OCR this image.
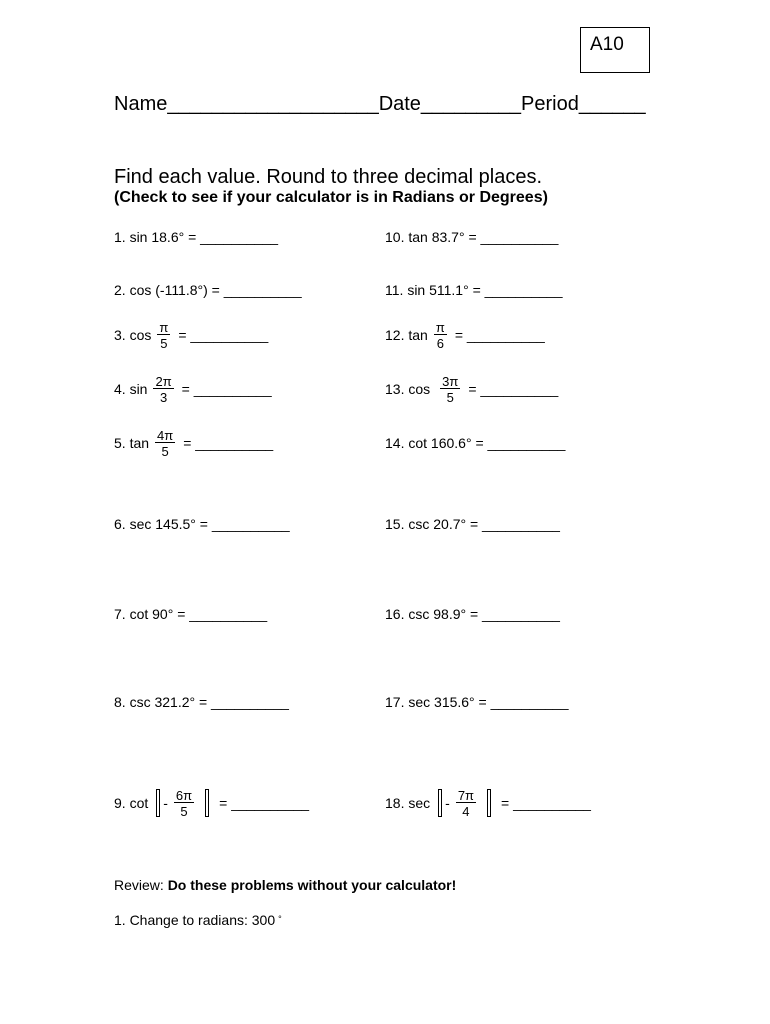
A10
Name___________________Date_________Period______
Find each value. Round to three decimal places.
(Check to see if your calculator is in Radians or Degrees)
1. sin 18.6° = __________
2. cos (-111.8°) = __________
3. $\cos \frac{\pi}{5}$ = __________
4. $\sin \frac{2\pi}{3}$ = __________
5. $\tan \frac{4\pi}{5}$ = __________
6. sec 145.5° = __________
7. cot 90° = __________
8. csc 321.2° = __________
9. cot - $\frac{6\pi}{5}$ = __________
10. tan 83.7° = __________
11. sin 511.1° = __________
12. $\tan \frac{\pi}{6}$ = __________
13. $\cos \frac{3\pi}{5}$ = __________
14. cot 160.6° = __________
15. csc 20.7° = __________
16. csc 98.9° = __________
17. sec 315.6° = __________
18. sec - $\frac{7\pi}{4}$ = __________
Review: Do these problems without your calculator!
1. Change to radians: 300 °
